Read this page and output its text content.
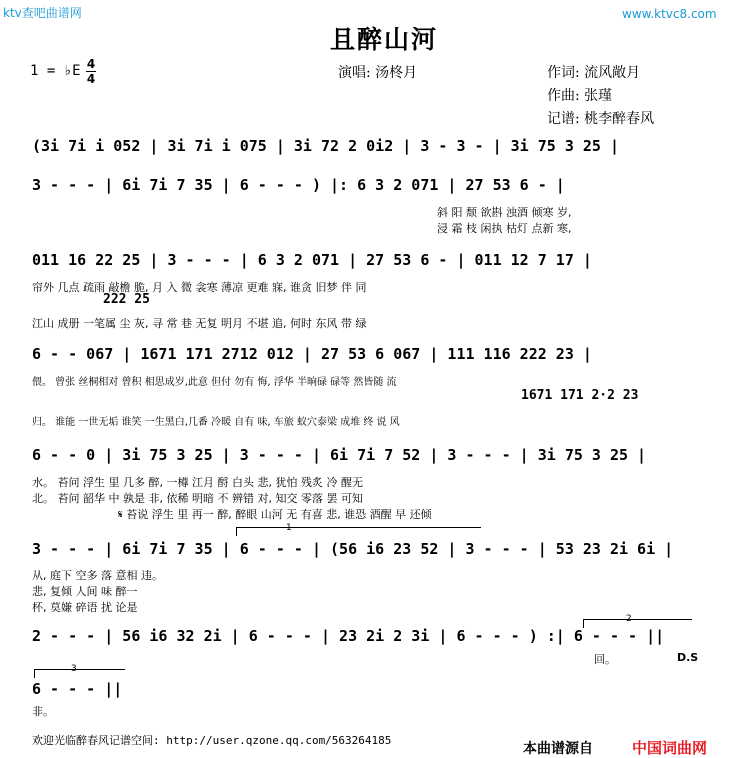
ktv查吧曲谱网	www.ktvc8.com
且醉山河
1 = ♭E 4
4	演唱: 汤柊月	作词: 流风敞月
作曲: 张瑾
记谱: 桃李醉春风
(3i 7i i 052 | 3i 7i i 075 | 3i 72 2 0i2 | 3 - 3 - | 3i 75 3 25 |
3 - - - | 6i 7i 7 35 | 6 - - - ) |: 6 3 2 071 | 27 53 6 - |
斜 阳 颓 欲斟 浊酒 倾寒 岁,
浸 霜 枝 闲执 枯灯 点新 寒,
011 16 22 25 | 3 - - - | 6 3 2 071 | 27 53 6 - | 011 12 7 17 |
帘外 几点 疏雨 敲檐 脆, 月 入 微 衾寒 薄凉 更难 寐, 谁贪 旧梦 伴 同
222 25
江山 成册 一笔属 尘 灰, 寻 常 巷 无复 明月 不堪 追, 何时 东风 带 绿
6 - - 067 | 1671 171 2712 012 | 27 53 6 067 | 111 116 222 23 |
偎。 曾张 丝桐相对 曾积 相思成岁,此意 但付 勿有 悔, 浮华 半晌碌 碌等 然皆随 流
1671 171 2·2 23
归。 谁能 一世无垢 谁笑 一生黑白,几番 冷暖 自有 味, 车旅 蚁穴泰梁 成堆 终 说 风
6 - - 0 | 3i 75 3 25 | 3 - - - | 6i 7i 7 52 | 3 - - - | 3i 75 3 25 |
水。 苔问 浮生 里 几多 醉, 一樽 江月 酹 白头 悲, 犹怕 残炙 冷 醒无
北。 苔问 韶华 中 孰是 非, 依稀 明暗 不 辨错 对, 知交 零落 罢 可知
𝄋 苔说 浮生 里 再一 醉, 醉眼 山河 无 有喜 悲, 谁恐 酒醒 早 还倾
1
3 - - - | 6i 7i 7 35 | 6 - - - | (56 i6 23 52 | 3 - - - | 53 23 2i 6i |
从, 庭下 空多 落 意相 违。
悲, 复倾 人间 味 醉一
杯, 莫嫌 碎语 扰 论是
2
2 - - - | 56 i6 32 2i | 6 - - - | 23 2i 2 3i | 6 - - - ) :| 6 - - - ||
回。	D.S
3
6 - - - ||
非。
欢迎光临醉春风记谱空间: http://user.qzone.qq.com/563264185
本曲谱源自	中国词曲网
